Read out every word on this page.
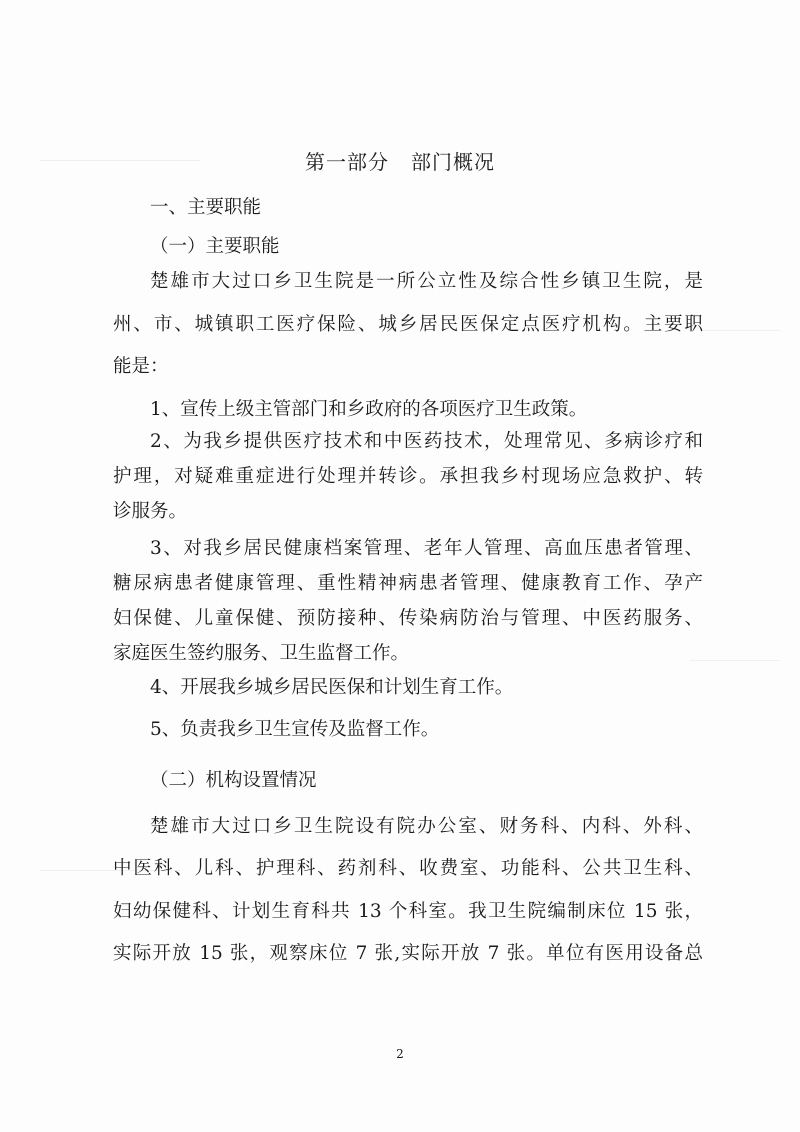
第一部分 部门概况
一、主要职能
（一）主要职能
楚雄市大过口乡卫生院是一所公立性及综合性乡镇卫生院，是
州、市、城镇职工医疗保险、城乡居民医保定点医疗机构。主要职
能是：
1、宣传上级主管部门和乡政府的各项医疗卫生政策。
2、为我乡提供医疗技术和中医药技术，处理常见、多病诊疗和
护理，对疑难重症进行处理并转诊。承担我乡村现场应急救护、转
诊服务。
3、对我乡居民健康档案管理、老年人管理、高血压患者管理、
糖尿病患者健康管理、重性精神病患者管理、健康教育工作、孕产
妇保健、儿童保健、预防接种、传染病防治与管理、中医药服务、
家庭医生签约服务、卫生监督工作。
4、开展我乡城乡居民医保和计划生育工作。
5、负责我乡卫生宣传及监督工作。
（二）机构设置情况
楚雄市大过口乡卫生院设有院办公室、财务科、内科、外科、
中医科、儿科、护理科、药剂科、收费室、功能科、公共卫生科、
妇幼保健科、计划生育科共 13 个科室。我卫生院编制床位 15 张，
实际开放 15 张，观察床位 7 张,实际开放 7 张。单位有医用设备总
2
